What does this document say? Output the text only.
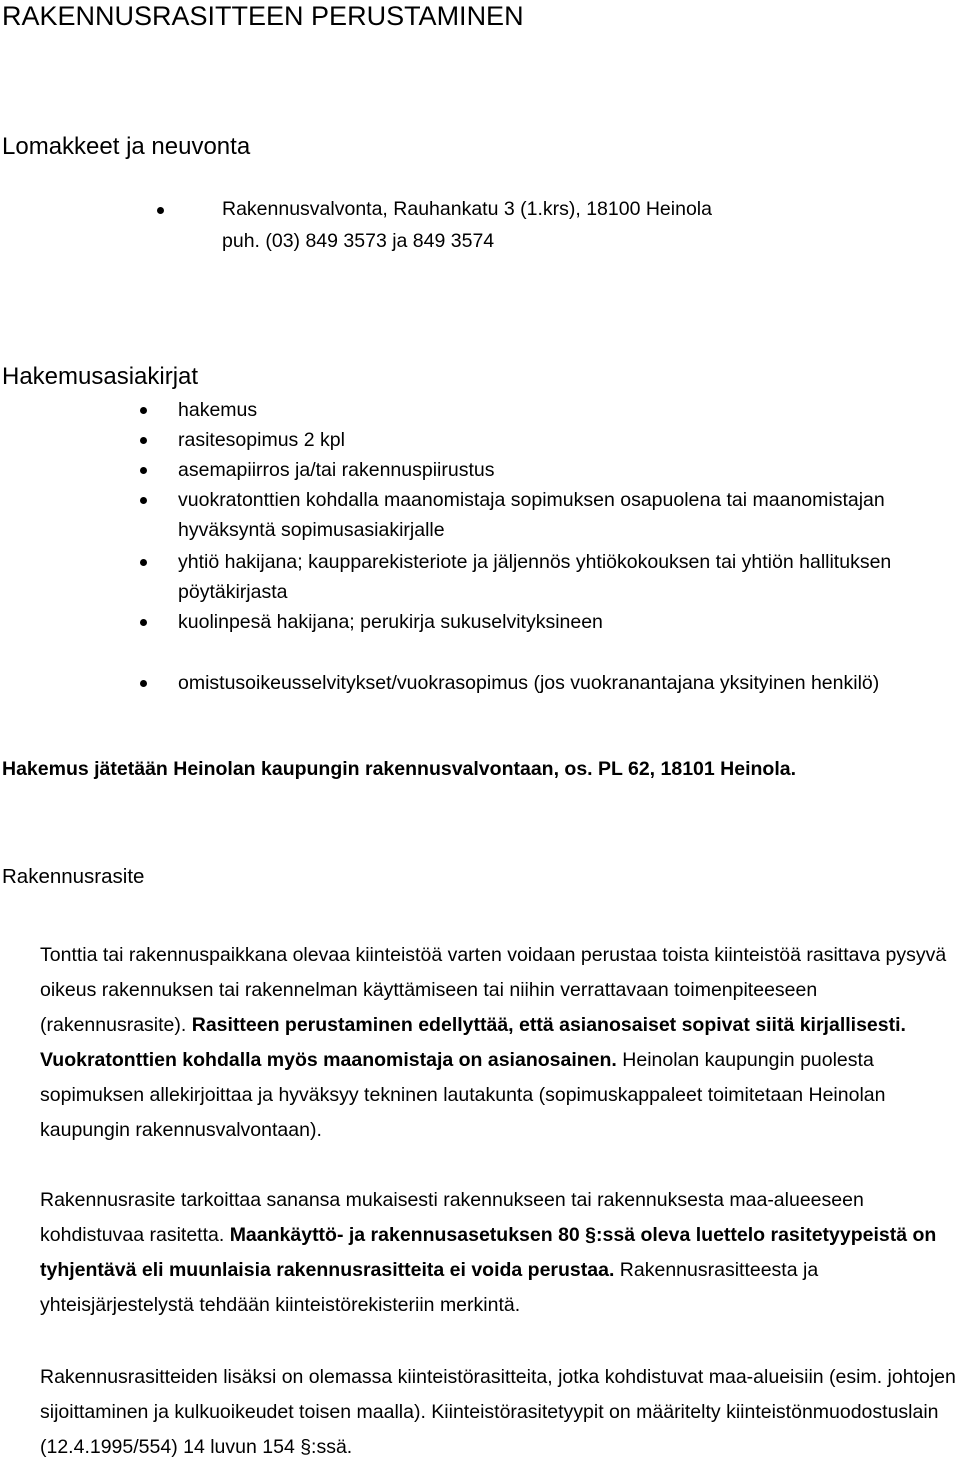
RAKENNUSRASITTEEN PERUSTAMINEN
Lomakkeet ja neuvonta
Rakennusvalvonta, Rauhankatu 3 (1.krs), 18100 Heinola
puh. (03) 849 3573 ja 849 3574
Hakemusasiakirjat
hakemus
rasitesopimus 2 kpl
asemapiirros ja/tai rakennuspiirustus
vuokratonttien kohdalla maanomistaja sopimuksen osapuolena tai maanomistajan
hyväksyntä sopimusasiakirjalle
yhtiö hakijana; kaupparekisteriote ja jäljennös yhtiökokouksen tai yhtiön hallituksen
pöytäkirjasta
kuolinpesä hakijana; perukirja sukuselvityksineen
omistusoikeusselvitykset/vuokrasopimus (jos vuokranantajana yksityinen henkilö)
Hakemus jätetään Heinolan kaupungin rakennusvalvontaan, os. PL 62, 18101 Heinola.
Rakennusrasite
Tonttia tai rakennuspaikkana olevaa kiinteistöä varten voidaan perustaa toista kiinteistöä rasittava pysyvä oikeus rakennuksen tai rakennelman käyttämiseen tai niihin verrattavaan toimenpiteeseen (rakennusrasite). Rasitteen perustaminen edellyttää, että asianosaiset sopivat siitä kirjallisesti. Vuokratonttien kohdalla myös maanomistaja on asianosainen. Heinolan kaupungin puolesta sopimuksen allekirjoittaa ja hyväksyy tekninen lautakunta (sopimuskappaleet toimitetaan Heinolan kaupungin rakennusvalvontaan).
Rakennusrasite tarkoittaa sanansa mukaisesti rakennukseen tai rakennuksesta maa-alueeseen kohdistuvaa rasitetta. Maankäyttö- ja rakennusasetuksen 80 §:ssä oleva luettelo rasitetyypeistä on tyhjentävä eli muunlaisia rakennusrasitteita ei voida perustaa. Rakennusrasitteesta ja yhteisjärjestelystä tehdään kiinteistörekisteriin merkintä.
Rakennusrasitteiden lisäksi on olemassa kiinteistörasitteita, jotka kohdistuvat maa-alueisiin (esim. johtojen sijoittaminen ja kulkuoikeudet toisen maalla). Kiinteistörasitetyypit on määritelty kiinteistönmuodostuslain (12.4.1995/554) 14 luvun 154 §:ssä.
